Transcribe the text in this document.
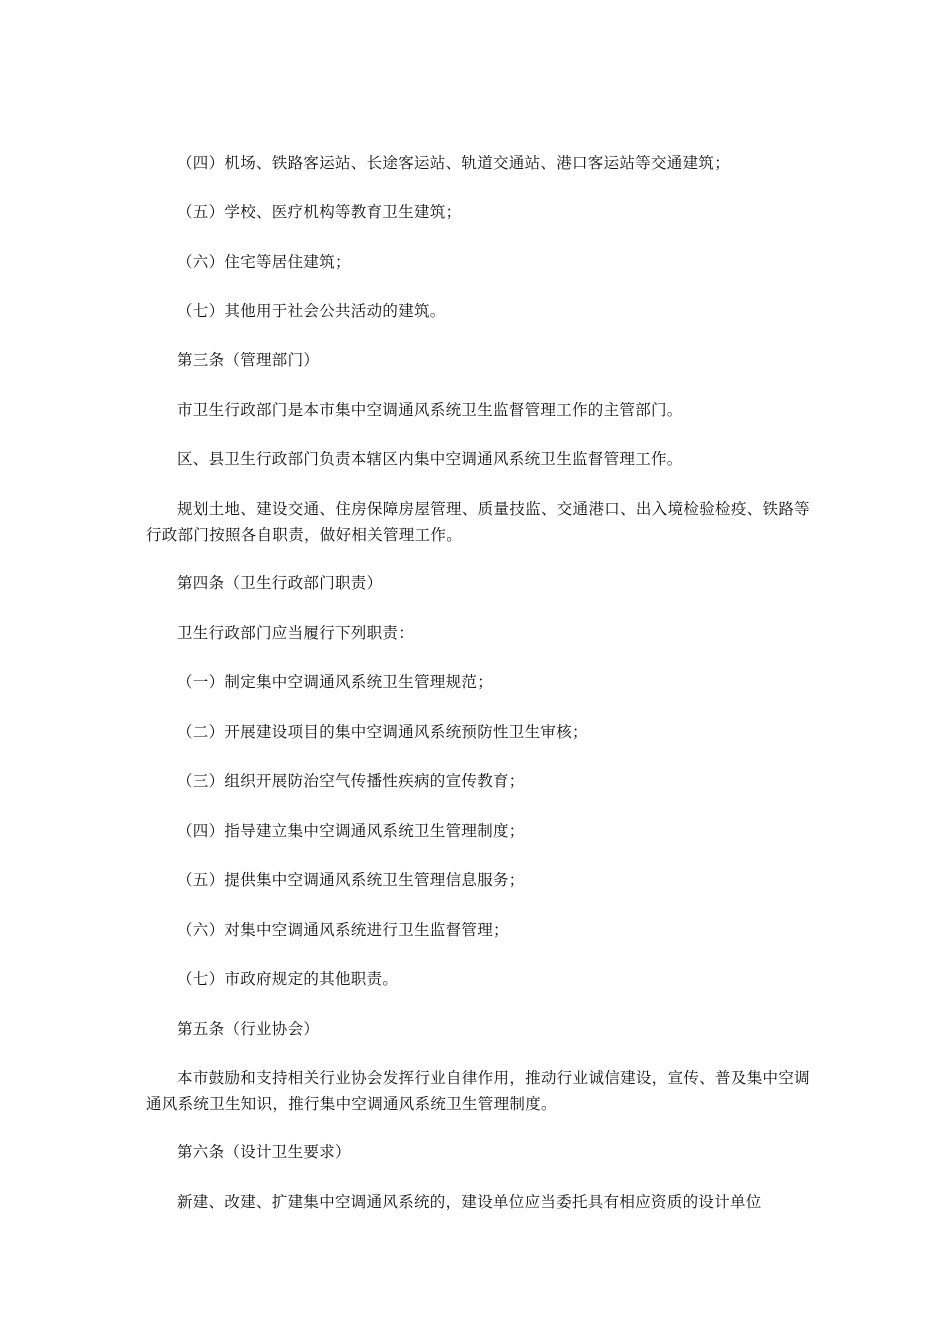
（四）机场、铁路客运站、长途客运站、轨道交通站、港口客运站等交通建筑；

（五）学校、医疗机构等教育卫生建筑；

（六）住宅等居住建筑；

（七）其他用于社会公共活动的建筑。

第三条（管理部门）

市卫生行政部门是本市集中空调通风系统卫生监督管理工作的主管部门。

区、县卫生行政部门负责本辖区内集中空调通风系统卫生监督管理工作。

规划土地、建设交通、住房保障房屋管理、质量技监、交通港口、出入境检验检疫、铁路等行政部门按照各自职责，做好相关管理工作。

第四条（卫生行政部门职责）

卫生行政部门应当履行下列职责：

（一）制定集中空调通风系统卫生管理规范；

（二）开展建设项目的集中空调通风系统预防性卫生审核；

（三）组织开展防治空气传播性疾病的宣传教育；

（四）指导建立集中空调通风系统卫生管理制度；

（五）提供集中空调通风系统卫生管理信息服务；

（六）对集中空调通风系统进行卫生监督管理；

（七）市政府规定的其他职责。

第五条（行业协会）

本市鼓励和支持相关行业协会发挥行业自律作用，推动行业诚信建设，宣传、普及集中空调通风系统卫生知识，推行集中空调通风系统卫生管理制度。

第六条（设计卫生要求）

新建、改建、扩建集中空调通风系统的，建设单位应当委托具有相应资质的设计单位
